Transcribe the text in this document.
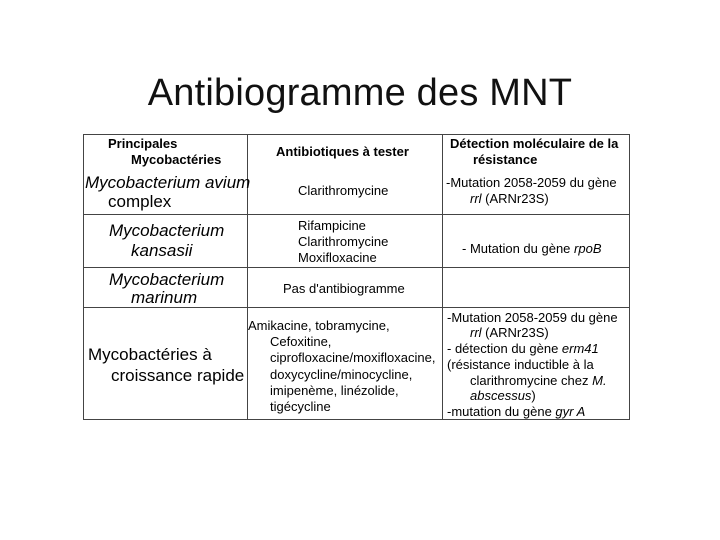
Antibiogramme des MNT
Principales
Mycobactéries
Antibiotiques à tester
Détection moléculaire de la
résistance
Mycobacterium avium
complex
Clarithromycine
-Mutation 2058-2059 du gène
rrl (ARNr23S)
Mycobacterium
kansasii
Rifampicine
Clarithromycine
Moxifloxacine
- Mutation du gène rpoB
Mycobacterium
marinum	Pas d'antibiogramme
Mycobactéries à
croissance rapide
Amikacine, tobramycine,
Cefoxitine,
ciprofloxacine/moxifloxacine,
doxycycline/minocycline,
imipenème, linézolide,
tigécycline
-Mutation 2058-2059 du gène
rrl (ARNr23S)
- détection du gène erm41
(résistance inductible à la
clarithromycine chez M.
abscessus)
-mutation du gène gyr A
